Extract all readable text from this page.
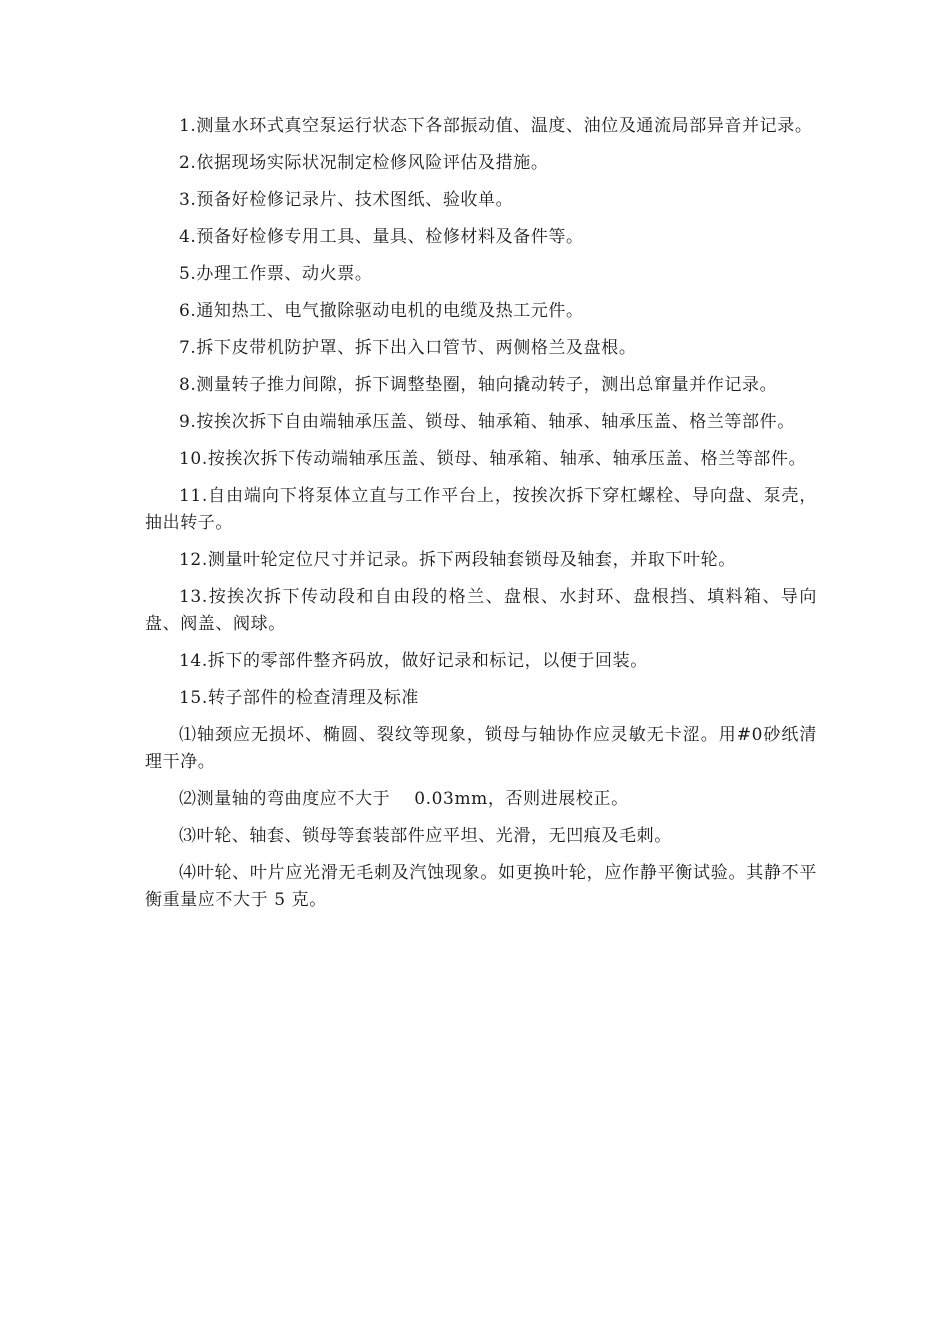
1.测量水环式真空泵运行状态下各部振动值、温度、油位及通流局部异音并记录。

2.依据现场实际状况制定检修风险评估及措施。

3.预备好检修记录片、技术图纸、验收单。

4.预备好检修专用工具、量具、检修材料及备件等。

5.办理工作票、动火票。

6.通知热工、电气撤除驱动电机的电缆及热工元件。

7.拆下皮带机防护罩、拆下出入口管节、两侧格兰及盘根。

8.测量转子推力间隙，拆下调整垫圈，轴向撬动转子，测出总窜量并作记录。

9.按挨次拆下自由端轴承压盖、锁母、轴承箱、轴承、轴承压盖、格兰等部件。

10.按挨次拆下传动端轴承压盖、锁母、轴承箱、轴承、轴承压盖、格兰等部件。

11.自由端向下将泵体立直与工作平台上，按挨次拆下穿杠螺栓、导向盘、泵壳，抽出转子。

12.测量叶轮定位尺寸并记录。拆下两段轴套锁母及轴套，并取下叶轮。

13.按挨次拆下传动段和自由段的格兰、盘根、水封环、盘根挡、填料箱、导向盘、阀盖、阀球。

14.拆下的零部件整齐码放，做好记录和标记，以便于回装。

15.转子部件的检查清理及标准

⑴轴颈应无损坏、椭圆、裂纹等现象，锁母与轴协作应灵敏无卡涩。用#0砂纸清理干净。

⑵测量轴的弯曲度应不大于    0.03mm，否则进展校正。

⑶叶轮、轴套、锁母等套装部件应平坦、光滑，无凹痕及毛刺。

⑷叶轮、叶片应光滑无毛刺及汽蚀现象。如更换叶轮，应作静平衡试验。其静不平衡重量应不大于 5 克。
